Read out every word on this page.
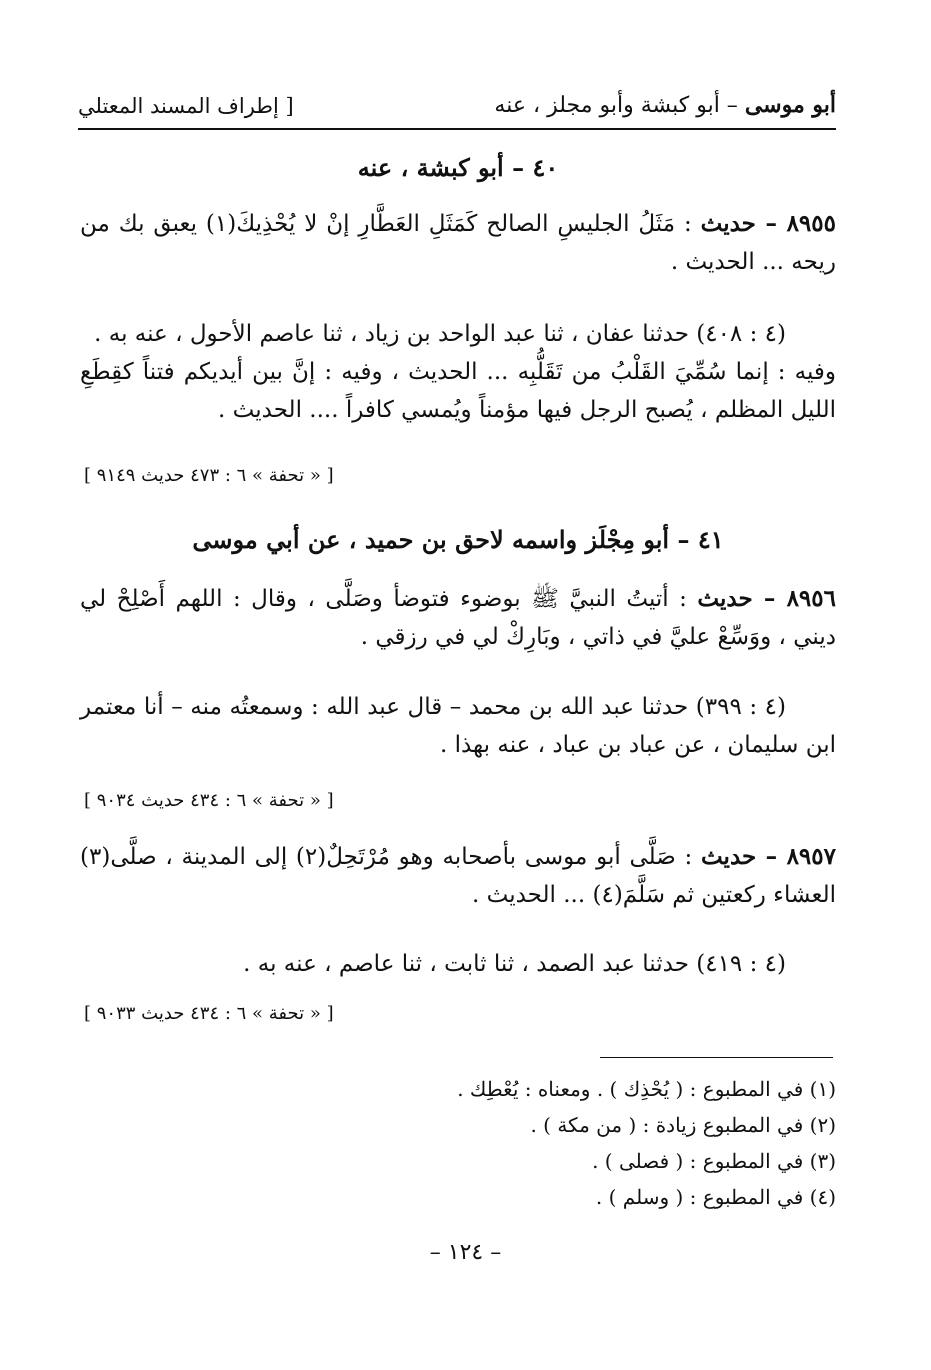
أبو موسى – أبو كبشة وأبو مجلز ، عنه
[ إطراف المسند المعتلي
٤٠ – أبو كبشة ، عنه
٨٩٥٥ – حديث : مَثَلُ الجليسِ الصالح كَمَثَلِ العَطَّارِ إنْ لا يُحْذِيكَ(١) يعبق بك من ريحه ... الحديث .
(٤ : ٤٠٨) حدثنا عفان ، ثنا عبد الواحد بن زياد ، ثنا عاصم الأحول ، عنه به .
وفيه : إنما سُمِّيَ القَلْبُ من تَقَلُّبِه ... الحديث ، وفيه : إنَّ بين أيديكم فتناً كقِطَعِ الليل المظلم ، يُصبح الرجل فيها مؤمناً ويُمسي كافراً .... الحديث .
[ « تحفة » ٦ : ٤٧٣ حديث ٩١٤٩ ]
٤١ – أبو مِجْلَز واسمه لاحق بن حميد ، عن أبي موسى
٨٩٥٦ – حديث : أتيتُ النبيَّ ﷺ بوضوء فتوضأ وصَلَّى ، وقال : اللهم أَصْلِحْ لي ديني ، ووَسِّعْ عليَّ في ذاتي ، وبَارِكْ لي في رزقي .
(٤ : ٣٩٩) حدثنا عبد الله بن محمد – قال عبد الله : وسمعتُه منه – أنا معتمر ابن سليمان ، عن عباد بن عباد ، عنه بهذا .
[ « تحفة » ٦ : ٤٣٤ حديث ٩٠٣٤ ]
٨٩٥٧ – حديث : صَلَّى أبو موسى بأصحابه وهو مُرْتَحِلٌ(٢) إلى المدينة ، صلَّى(٣) العشاء ركعتين ثم سَلَّمَ(٤) ... الحديث .
(٤ : ٤١٩) حدثنا عبد الصمد ، ثنا ثابت ، ثنا عاصم ، عنه به .
[ « تحفة » ٦ : ٤٣٤ حديث ٩٠٣٣ ]
(١) في المطبوع : ( يُحْذِك ) . ومعناه : يُعْطِك .
(٢) في المطبوع زيادة : ( من مكة ) .
(٣) في المطبوع : ( فصلى ) .
(٤) في المطبوع : ( وسلم ) .
– ١٢٤ –
